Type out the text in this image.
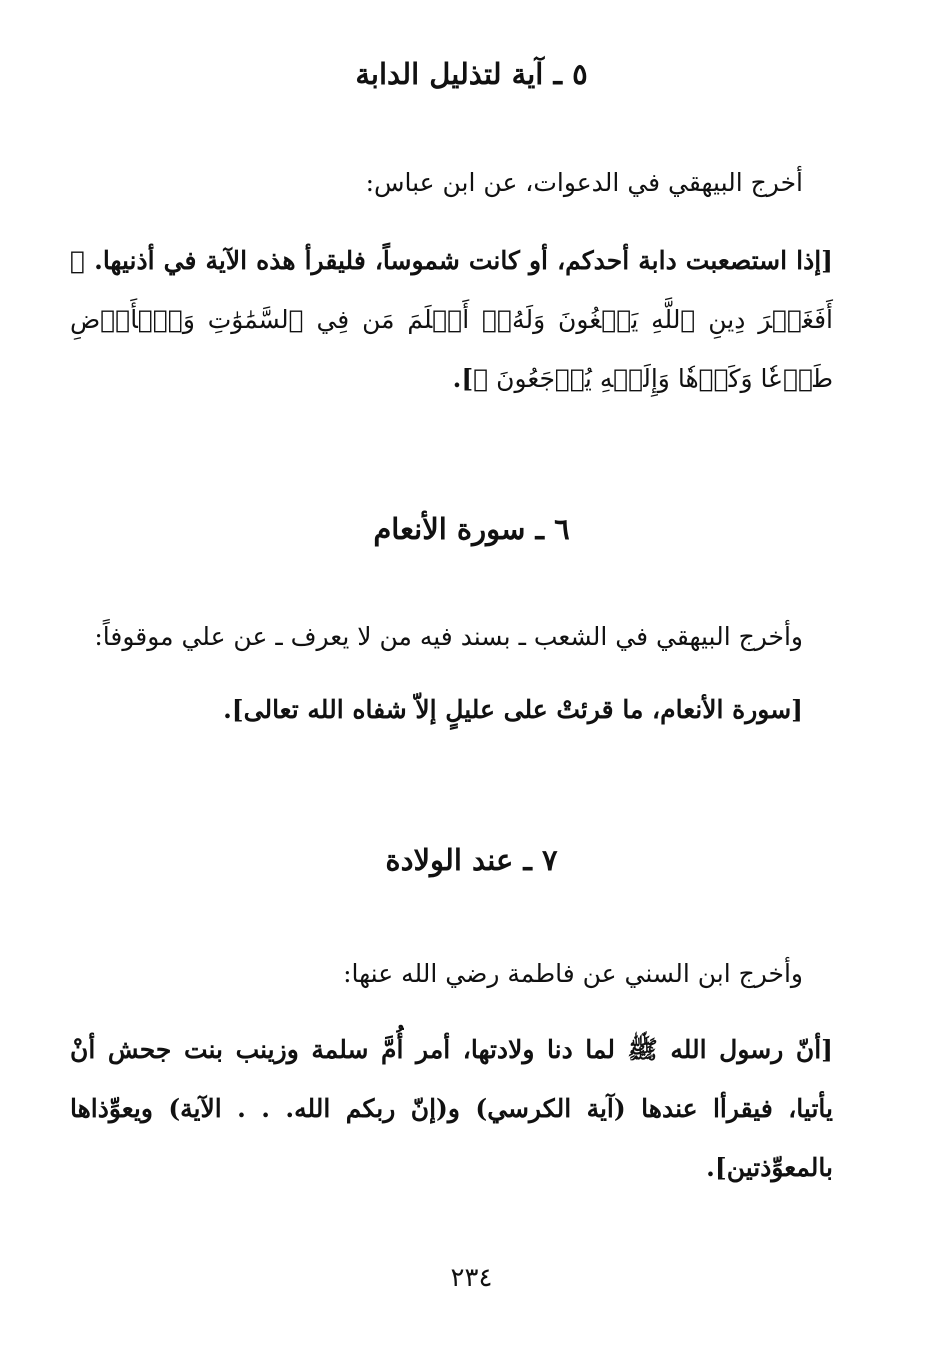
٥ ـ آية لتذليل الدابة
أخرج البيهقي في الدعوات، عن ابن عباس:
[إذا استصعبت دابة أحدكم، أو كانت شموساً، فليقرأ هذه الآية في أذنيها. ﴿ أَفَغَيۡرَ دِينِ ٱللَّهِ يَبۡغُونَ وَلَهُۥٓ أَسۡلَمَ مَن فِي ٱلسَّمَٰوَٰتِ وَٱلۡأَرۡضِ طَوۡعٗا وَكَرۡهٗا وَإِلَيۡهِ يُرۡجَعُونَ ﴾].
٦ ـ سورة الأنعام
وأخرج البيهقي في الشعب ـ بسند فيه من لا يعرف ـ عن علي موقوفاً:
[سورة الأنعام، ما قرئتْ على عليلٍ إلاّ شفاه الله تعالى].
٧ ـ عند الولادة
وأخرج ابن السني عن فاطمة رضي الله عنها:
[أنّ رسول الله ﷺ لما دنا ولادتها، أمر أُمَّ سلمة وزينب بنت جحش أنْ يأتيا، فيقرأا عندها (آية الكرسي) و(إنّ ربكم الله. . . الآية) ويعوِّذاها بالمعوِّذتين].
٢٣٤
